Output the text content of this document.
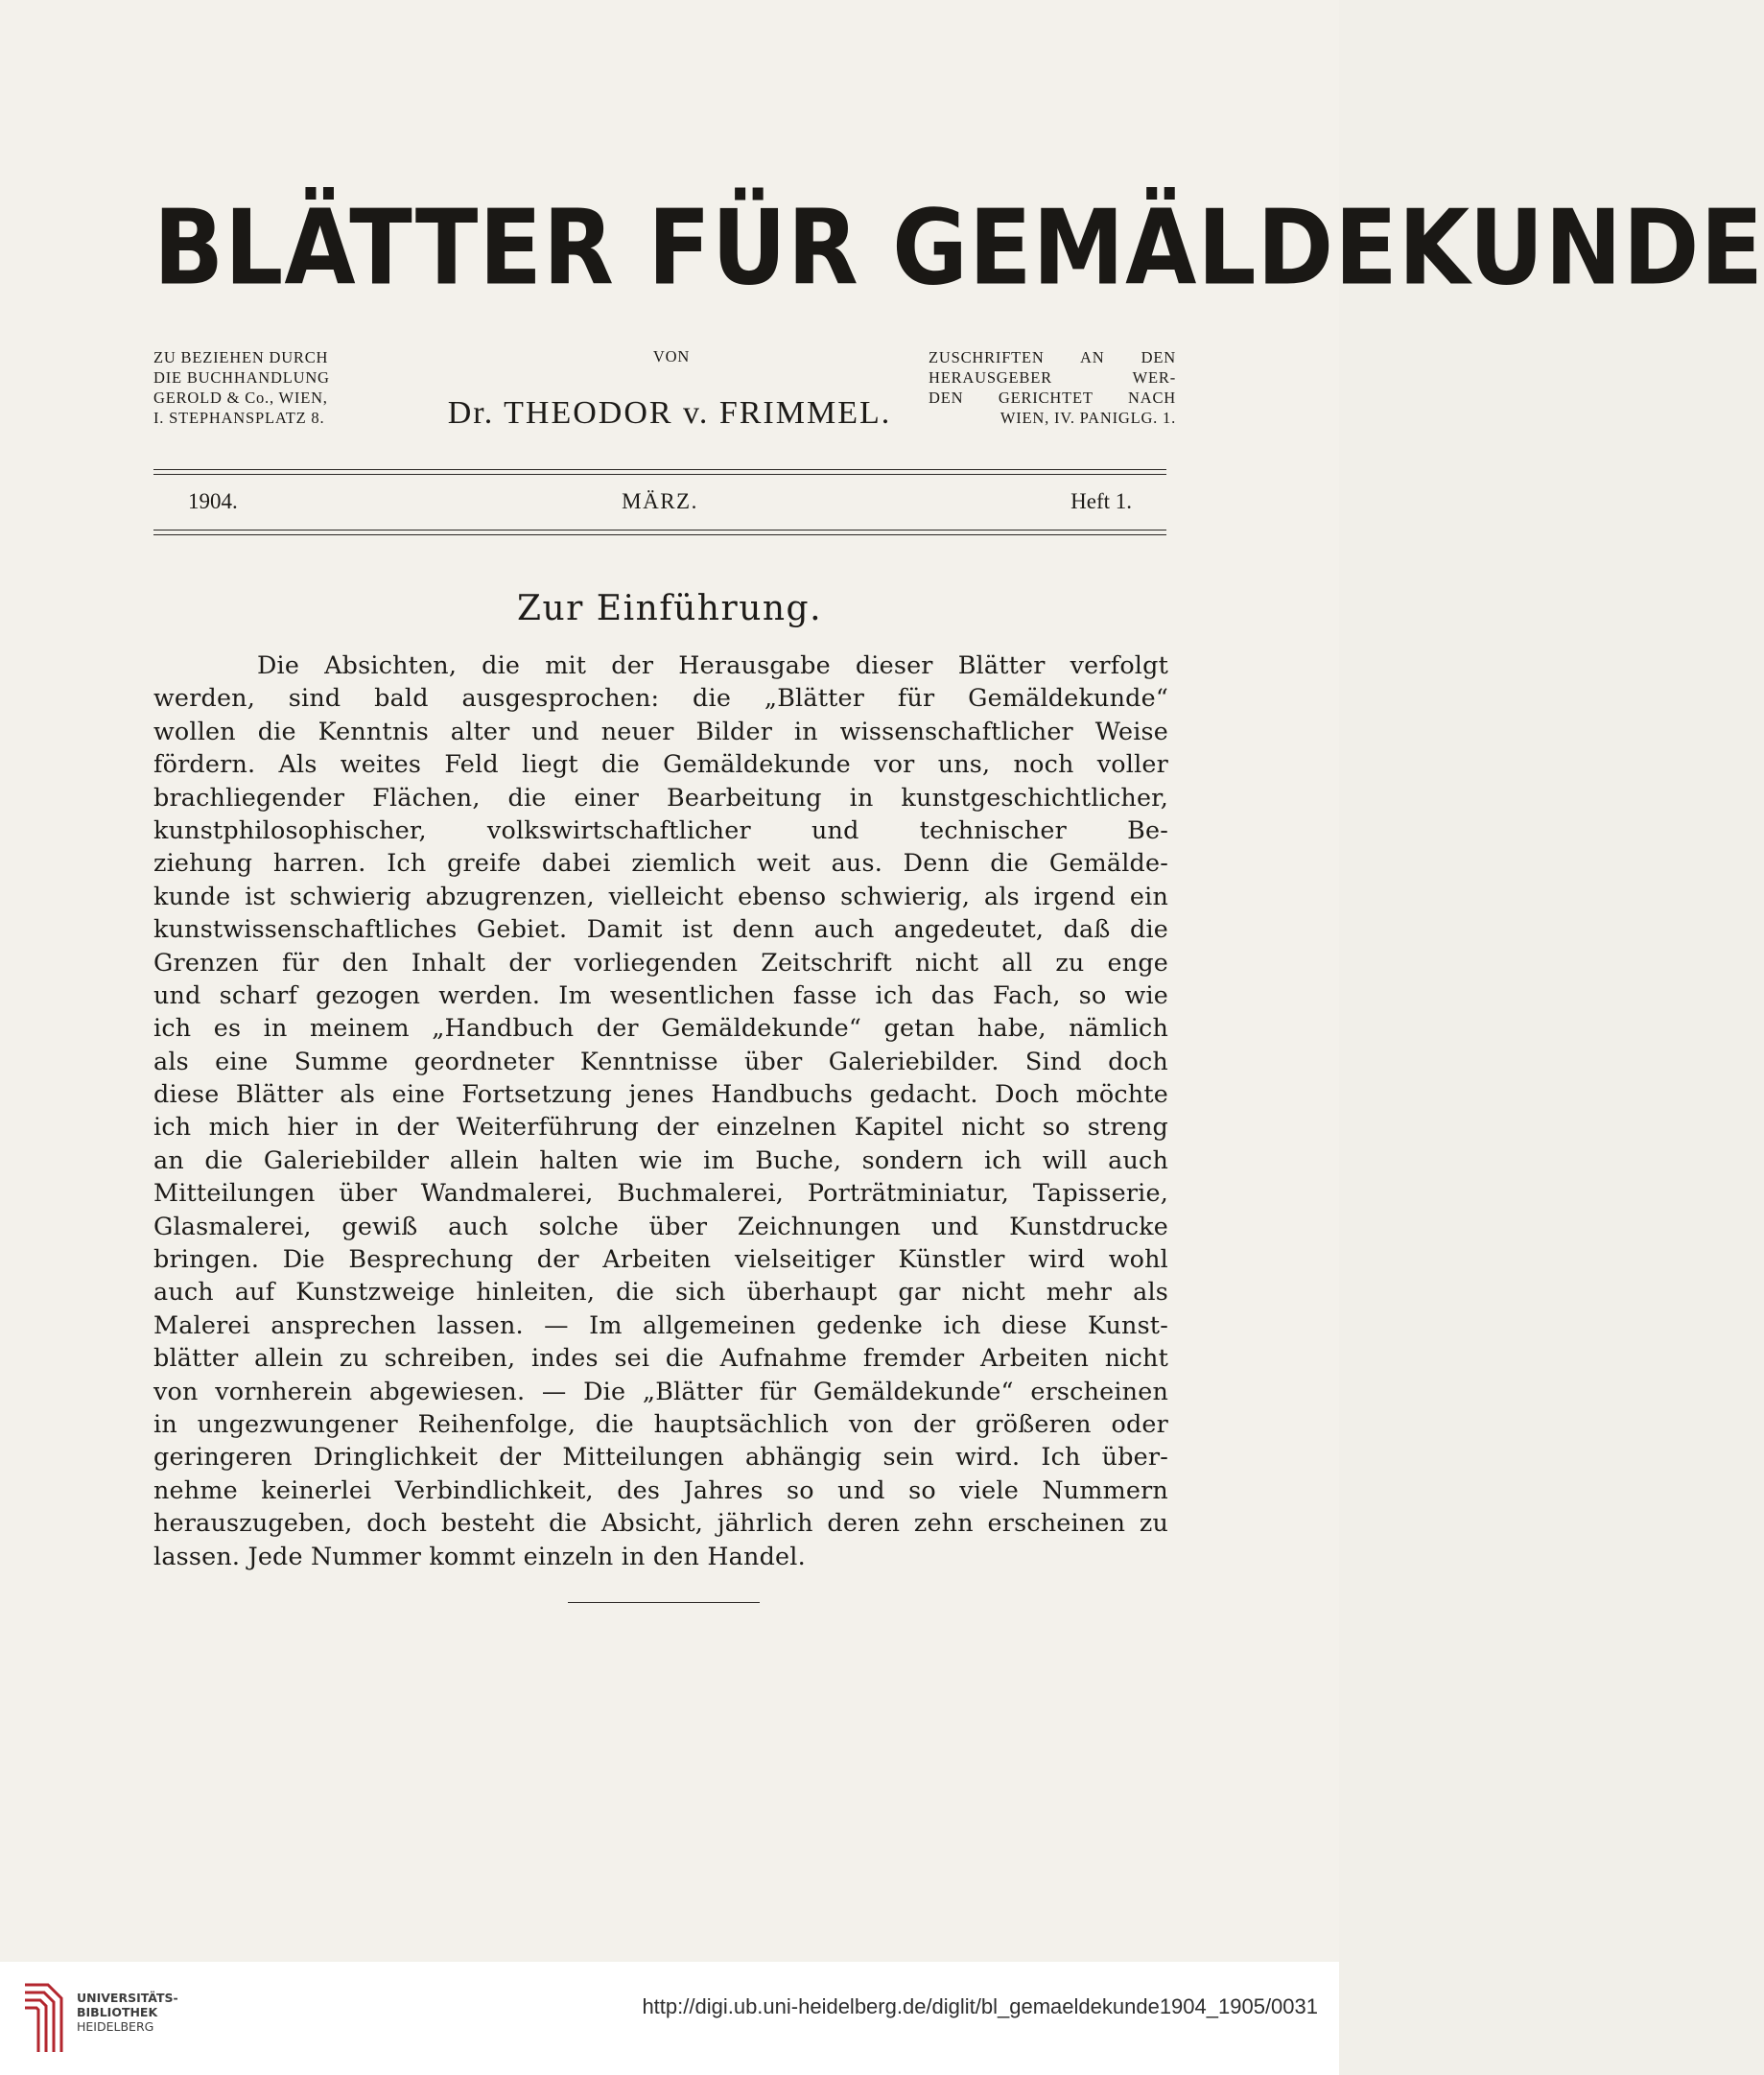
BLÄTTER FÜR GEMÄLDEKUNDE
ZU BEZIEHEN DURCH
DIE BUCHHANDLUNG
GEROLD & Co., WIEN,
I. STEPHANSPLATZ 8.
VON
Dr. THEODOR v. FRIMMEL.
ZUSCHRIFTEN AN DEN
HERAUSGEBER WER-
DEN GERICHTET NACH
WIEN, IV. PANIGLG. 1.
1904.	MÄRZ.	Heft 1.
Zur Einführung.
Die Absichten, die mit der Herausgabe dieser Blätter verfolgt
werden, sind bald ausgesprochen: die „Blätter für Gemäldekunde“
wollen die Kenntnis alter und neuer Bilder in wissenschaftlicher Weise
fördern. Als weites Feld liegt die Gemäldekunde vor uns, noch voller
brachliegender Flächen, die einer Bearbeitung in kunstgeschichtlicher,
kunstphilosophischer, volkswirtschaftlicher und technischer Be-
ziehung harren. Ich greife dabei ziemlich weit aus. Denn die Gemälde-
kunde ist schwierig abzugrenzen, vielleicht ebenso schwierig, als irgend ein
kunstwissenschaftliches Gebiet. Damit ist denn auch angedeutet, daß die
Grenzen für den Inhalt der vorliegenden Zeitschrift nicht all zu enge
und scharf gezogen werden. Im wesentlichen fasse ich das Fach, so wie
ich es in meinem „Handbuch der Gemäldekunde“ getan habe, nämlich
als eine Summe geordneter Kenntnisse über Galeriebilder. Sind doch
diese Blätter als eine Fortsetzung jenes Handbuchs gedacht. Doch möchte
ich mich hier in der Weiterführung der einzelnen Kapitel nicht so streng
an die Galeriebilder allein halten wie im Buche, sondern ich will auch
Mitteilungen über Wandmalerei, Buchmalerei, Porträtminiatur, Tapisserie,
Glasmalerei, gewiß auch solche über Zeichnungen und Kunstdrucke
bringen. Die Besprechung der Arbeiten vielseitiger Künstler wird wohl
auch auf Kunstzweige hinleiten, die sich überhaupt gar nicht mehr als
Malerei ansprechen lassen. — Im allgemeinen gedenke ich diese Kunst-
blätter allein zu schreiben, indes sei die Aufnahme fremder Arbeiten nicht
von vornherein abgewiesen. — Die „Blätter für Gemäldekunde“ erscheinen
in ungezwungener Reihenfolge, die hauptsächlich von der größeren oder
geringeren Dringlichkeit der Mitteilungen abhängig sein wird. Ich über-
nehme keinerlei Verbindlichkeit, des Jahres so und so viele Nummern
herauszugeben, doch besteht die Absicht, jährlich deren zehn erscheinen zu
lassen. Jede Nummer kommt einzeln in den Handel.
UNIVERSITÄTS-
BIBLIOTHEK
HEIDELBERG
http://digi.ub.uni-heidelberg.de/diglit/bl_gemaeldekunde1904_1905/0031
